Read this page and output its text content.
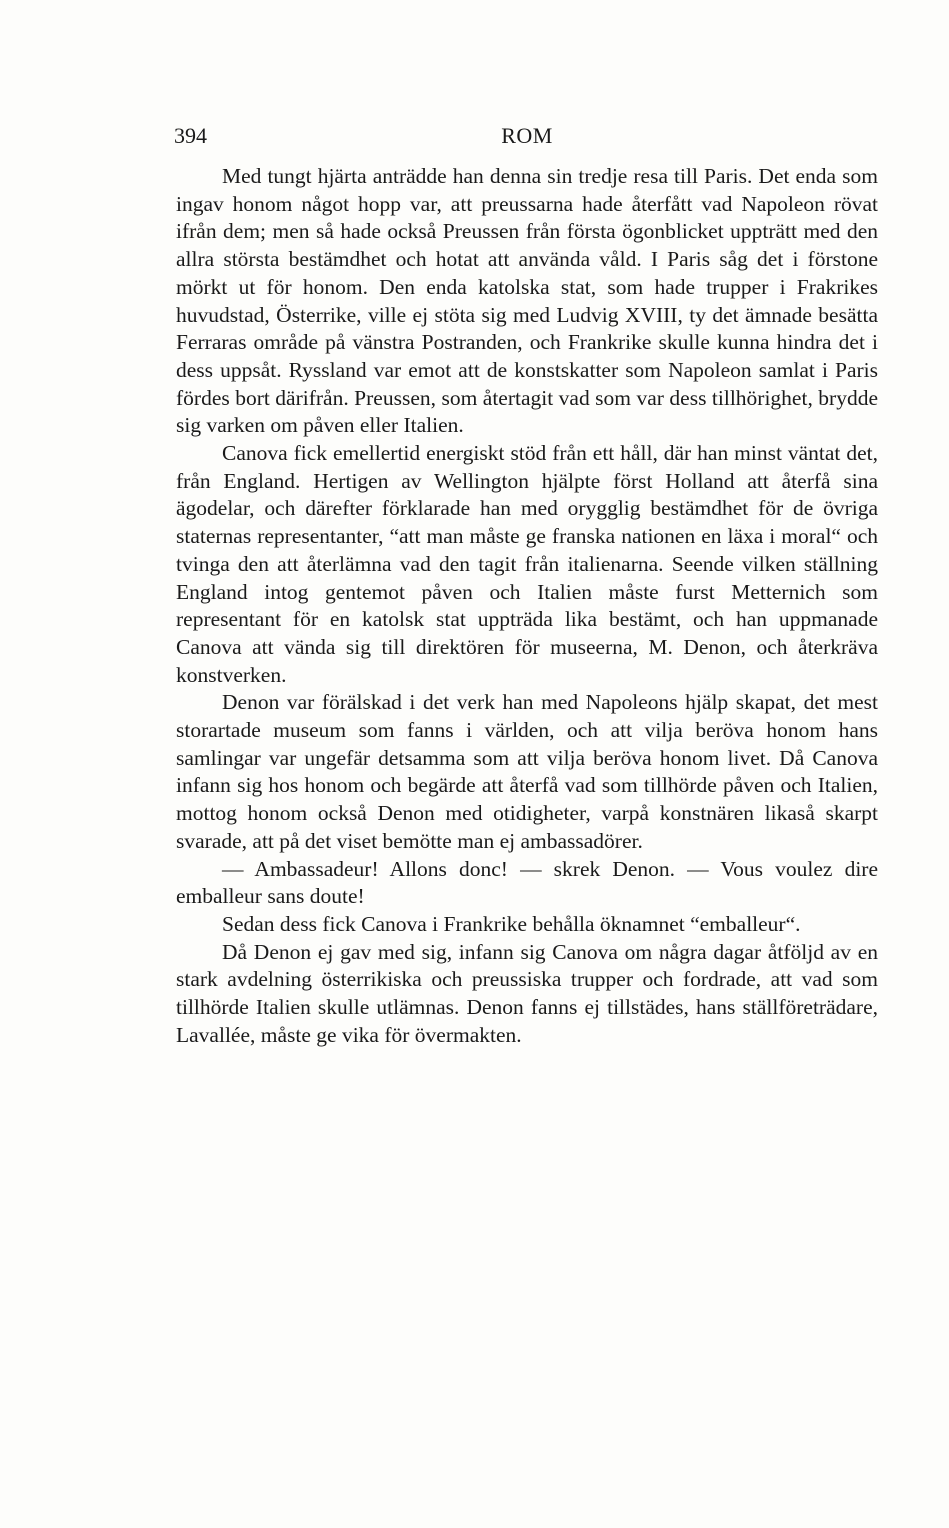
394	ROM

Med tungt hjärta anträdde han denna sin tredje resa till Paris. Det enda som ingav honom något hopp var, att preussarna hade återfått vad Napoleon rövat ifrån dem; men så hade också Preussen från första ögonblicket uppträtt med den allra största bestämdhet och hotat att använda våld. I Paris såg det i förstone mörkt ut för honom. Den enda katolska stat, som hade trupper i Frakrikes huvudstad, Österrike, ville ej stöta sig med Ludvig XVIII, ty det ämnade besätta Ferraras område på vänstra Postranden, och Frankrike skulle kunna hindra det i dess uppsåt. Ryssland var emot att de konstskatter som Napoleon samlat i Paris fördes bort därifrån. Preussen, som återtagit vad som var dess tillhörighet, brydde sig varken om påven eller Italien.

Canova fick emellertid energiskt stöd från ett håll, där han minst väntat det, från England. Hertigen av Wellington hjälpte först Holland att återfå sina ägodelar, och därefter förklarade han med orygglig bestämdhet för de övriga staternas representanter, “att man måste ge franska nationen en läxa i moral“ och tvinga den att återlämna vad den tagit från italienarna. Seende vilken ställning England intog gentemot påven och Italien måste furst Metternich som representant för en katolsk stat uppträda lika bestämt, och han uppmanade Canova att vända sig till direktören för museerna, M. Denon, och återkräva konstverken.

Denon var förälskad i det verk han med Napoleons hjälp skapat, det mest storartade museum som fanns i världen, och att vilja beröva honom hans samlingar var ungefär detsamma som att vilja beröva honom livet. Då Canova infann sig hos honom och begärde att återfå vad som tillhörde påven och Italien, mottog honom också Denon med otidigheter, varpå konstnären likaså skarpt svarade, att på det viset bemötte man ej ambassadörer.

— Ambassadeur! Allons donc! — skrek Denon. — Vous voulez dire emballeur sans doute!

Sedan dess fick Canova i Frankrike behålla öknamnet “emballeur“.

Då Denon ej gav med sig, infann sig Canova om några dagar åtföljd av en stark avdelning österrikiska och preussiska trupper och fordrade, att vad som tillhörde Italien skulle utlämnas. Denon fanns ej tillstädes, hans ställföreträdare, Lavallée, måste ge vika för övermakten.
